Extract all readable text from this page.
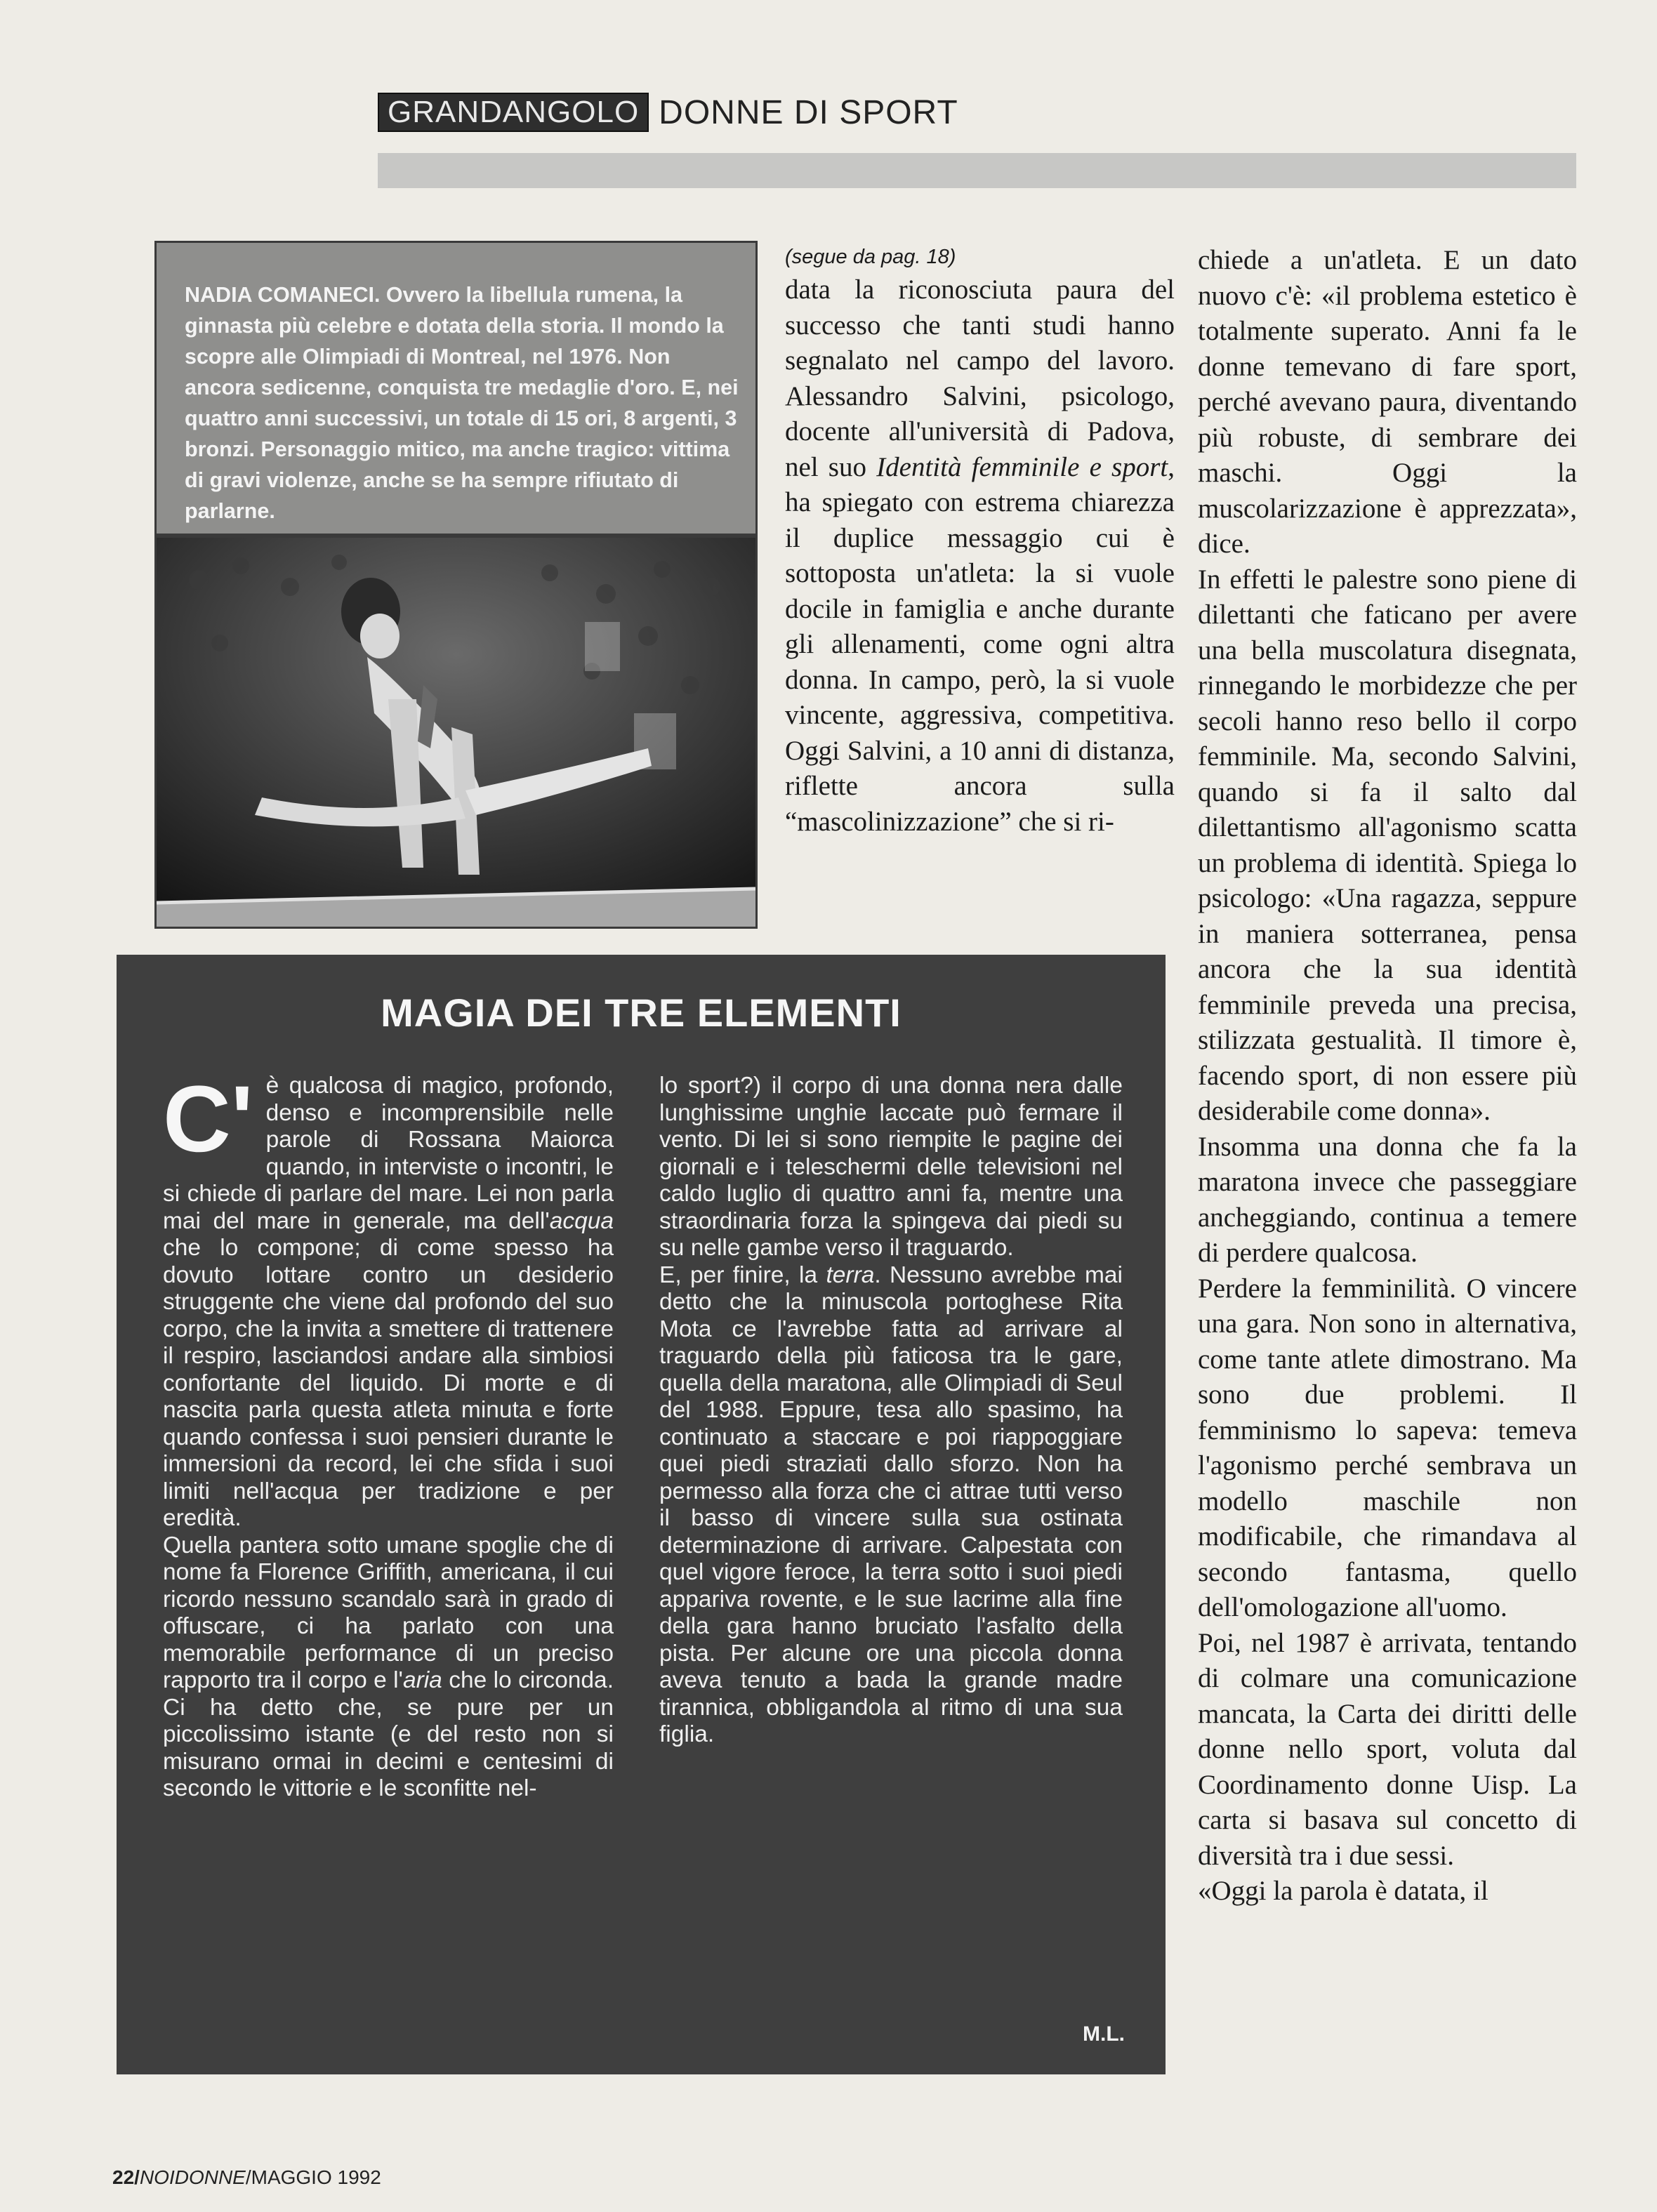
GRANDANGOLO DONNE DI SPORT
NADIA COMANECI. Ovvero la libellula rumena, la ginnasta più celebre e dotata della storia. Il mondo la scopre alle Olimpiadi di Montreal, nel 1976. Non ancora sedicenne, conquista tre medaglie d'oro. E, nei quattro anni successivi, un totale di 15 ori, 8 argenti, 3 bronzi. Personaggio mitico, ma anche tragico: vittima di gravi violenze, anche se ha sempre rifiutato di parlarne.
(segue da pag. 18)

data la riconosciuta paura del successo che tanti studi hanno segnalato nel campo del lavoro. Alessandro Salvini, psicologo, docente all'università di Padova, nel suo Identità femminile e sport, ha spiegato con estrema chiarezza il duplice messaggio cui è sottoposta un'atleta: la si vuole docile in famiglia e anche durante gli allenamenti, come ogni altra donna. In campo, però, la si vuole vincente, aggressiva, competitiva. Oggi Salvini, a 10 anni di distanza, riflette ancora sulla “mascolinizzazione” che si ri-

chiede a un'atleta. E un dato nuovo c'è: «il problema estetico è totalmente superato. Anni fa le donne temevano di fare sport, perché avevano paura, diventando più robuste, di sembrare dei maschi. Oggi la muscolarizzazione è apprezzata», dice.

In effetti le palestre sono piene di dilettanti che faticano per avere una bella muscolatura disegnata, rinnegando le morbidezze che per secoli hanno reso bello il corpo femminile. Ma, secondo Salvini, quando si fa il salto dal dilettantismo all'agonismo scatta un problema di identità. Spiega lo psicologo: «Una ragazza, seppure in maniera sotterranea, pensa ancora che la sua identità femminile preveda una precisa, stilizzata gestualità. Il timore è, facendo sport, di non essere più desiderabile come donna».

Insomma una donna che fa la maratona invece che passeggiare ancheggiando, continua a temere di perdere qualcosa.

Perdere la femminilità. O vincere una gara. Non sono in alternativa, come tante atlete dimostrano. Ma sono due problemi. Il femminismo lo sapeva: temeva l'agonismo perché sembrava un modello maschile non modificabile, che rimandava al secondo fantasma, quello dell'omologazione all'uomo.

Poi, nel 1987 è arrivata, tentando di colmare una comunicazione mancata, la Carta dei diritti delle donne nello sport, voluta dal Coordinamento donne Uisp. La carta si basava sul concetto di diversità tra i due sessi.

«Oggi la parola è datata, il

MAGIA DEI TRE ELEMENTI

C' è qualcosa di magico, profondo, denso e incomprensibile nelle parole di Rossana Maiorca quando, in interviste o incontri, le si chiede di parlare del mare. Lei non parla mai del mare in generale, ma dell'acqua che lo compone; di come spesso ha dovuto lottare contro un desiderio struggente che viene dal profondo del suo corpo, che la invita a smettere di trattenere il respiro, lasciandosi andare alla simbiosi confortante del liquido. Di morte e di nascita parla questa atleta minuta e forte quando confessa i suoi pensieri durante le immersioni da record, lei che sfida i suoi limiti nell'acqua per tradizione e per eredità.

Quella pantera sotto umane spoglie che di nome fa Florence Griffith, americana, il cui ricordo nessuno scandalo sarà in grado di offuscare, ci ha parlato con una memorabile performance di un preciso rapporto tra il corpo e l'aria che lo circonda. Ci ha detto che, se pure per un piccolissimo istante (e del resto non si misurano ormai in decimi e centesimi di secondo le vittorie e le sconfitte nel-

lo sport?) il corpo di una donna nera dalle lunghissime unghie laccate può fermare il vento. Di lei si sono riempite le pagine dei giornali e i teleschermi delle televisioni nel caldo luglio di quattro anni fa, mentre una straordinaria forza la spingeva dai piedi su su nelle gambe verso il traguardo.

E, per finire, la terra. Nessuno avrebbe mai detto che la minuscola portoghese Rita Mota ce l'avrebbe fatta ad arrivare al traguardo della più faticosa tra le gare, quella della maratona, alle Olimpiadi di Seul del 1988. Eppure, tesa allo spasimo, ha continuato a staccare e poi riappoggiare quei piedi straziati dallo sforzo. Non ha permesso alla forza che ci attrae tutti verso il basso di vincere sulla sua ostinata determinazione di arrivare. Calpestata con quel vigore feroce, la terra sotto i suoi piedi appariva rovente, e le sue lacrime alla fine della gara hanno bruciato l'asfalto della pista. Per alcune ore una piccola donna aveva tenuto a bada la grande madre tirannica, obbligandola al ritmo di una sua figlia.

M.L.
22/NOIDONNE/MAGGIO 1992
